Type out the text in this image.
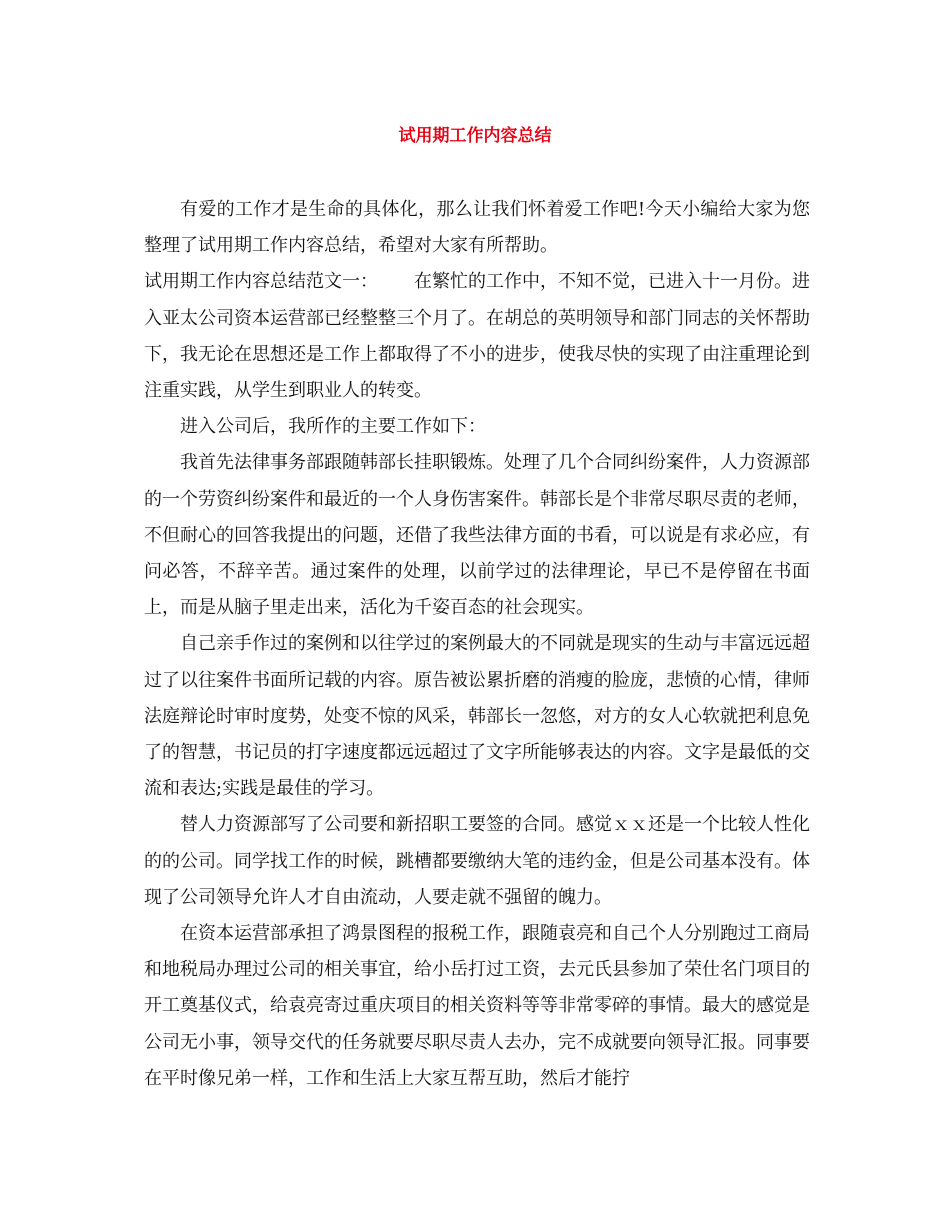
试用期工作内容总结

有爱的工作才是生命的具体化，那么让我们怀着爱工作吧!今天小编给大家为您整理了试用期工作内容总结，希望对大家有所帮助。

试用期工作内容总结范文一： 在繁忙的工作中，不知不觉，已进入十一月份。进入亚太公司资本运营部已经整整三个月了。在胡总的英明领导和部门同志的关怀帮助下，我无论在思想还是工作上都取得了不小的进步，使我尽快的实现了由注重理论到注重实践，从学生到职业人的转变。

进入公司后，我所作的主要工作如下：

我首先法律事务部跟随韩部长挂职锻炼。处理了几个合同纠纷案件，人力资源部的一个劳资纠纷案件和最近的一个人身伤害案件。韩部长是个非常尽职尽责的老师，不但耐心的回答我提出的问题，还借了我些法律方面的书看，可以说是有求必应，有问必答，不辞辛苦。通过案件的处理，以前学过的法律理论，早已不是停留在书面上，而是从脑子里走出来，活化为千姿百态的社会现实。

自己亲手作过的案例和以往学过的案例最大的不同就是现实的生动与丰富远远超过了以往案件书面所记载的内容。原告被讼累折磨的消瘦的脸庞，悲愤的心情，律师法庭辩论时审时度势，处变不惊的风采，韩部长一忽悠，对方的女人心软就把利息免了的智慧，书记员的打字速度都远远超过了文字所能够表达的内容。文字是最低的交流和表达;实践是最佳的学习。

替人力资源部写了公司要和新招职工要签的合同。感觉ｘｘ还是一个比较人性化的的公司。同学找工作的时候，跳槽都要缴纳大笔的违约金，但是公司基本没有。体现了公司领导允许人才自由流动，人要走就不强留的魄力。

在资本运营部承担了鸿景图程的报税工作，跟随袁亮和自己个人分别跑过工商局和地税局办理过公司的相关事宜，给小岳打过工资，去元氏县参加了荣仕名门项目的开工奠基仪式，给袁亮寄过重庆项目的相关资料等等非常零碎的事情。最大的感觉是公司无小事，领导交代的任务就要尽职尽责人去办，完不成就要向领导汇报。同事要在平时像兄弟一样，工作和生活上大家互帮互助，然后才能拧
